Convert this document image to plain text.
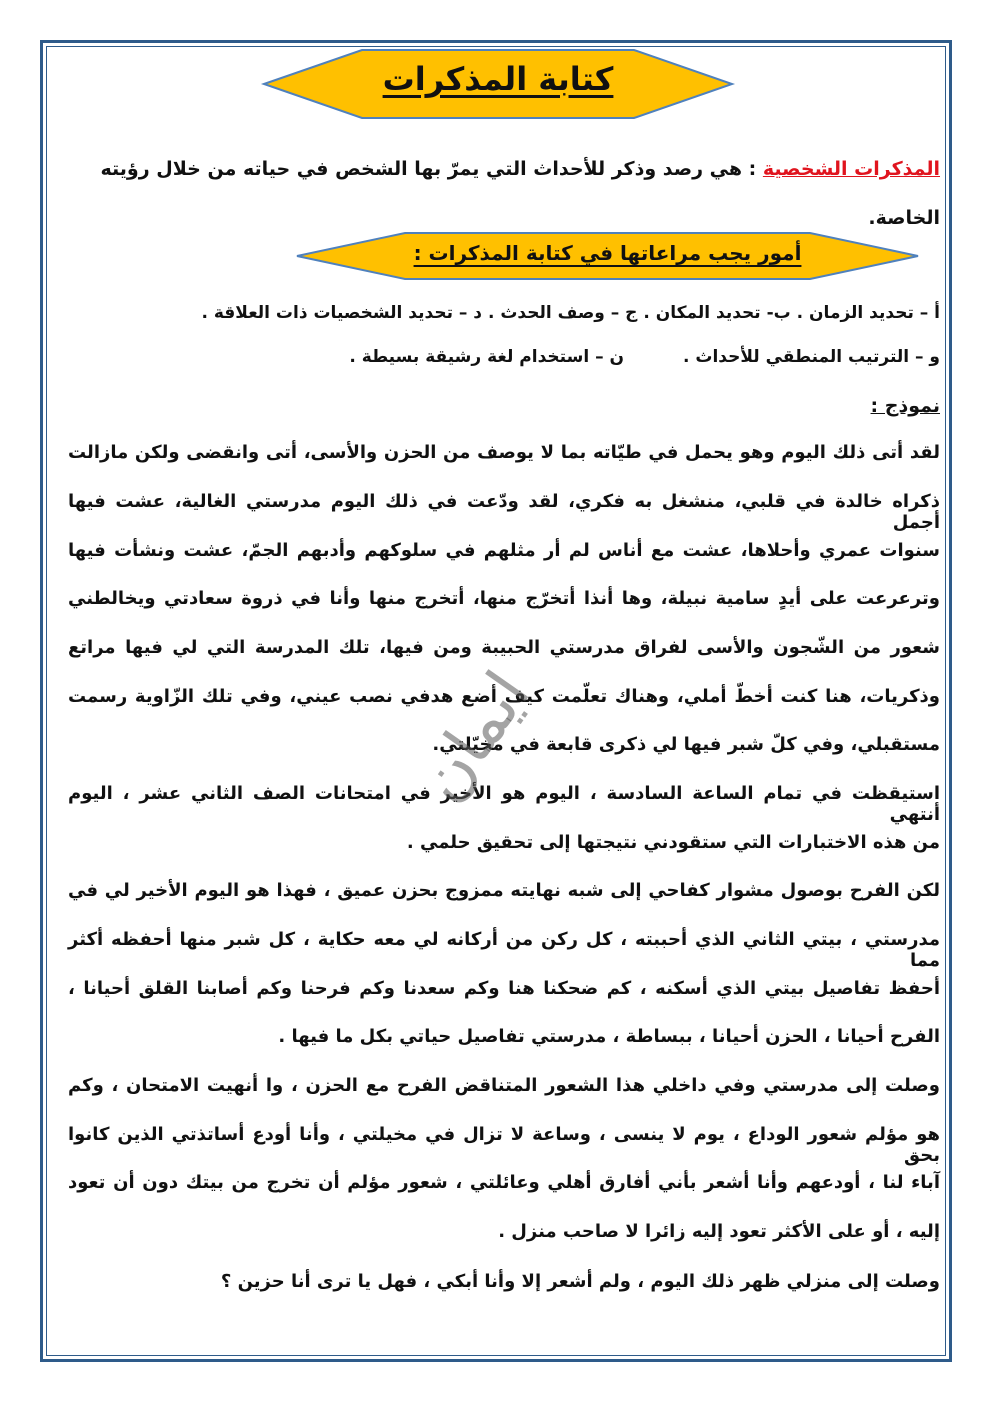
كتابة المذكرات
المذكرات الشخصية : هي رصد وذكر للأحداث التي يمرّ بها الشخص في حياته من خلال رؤيته
الخاصة.
أمور يجب مراعاتها في كتابة المذكرات :
أ – تحديد الزمان . ب- تحديد المكان . ج – وصف الحدث . د – تحديد الشخصيات ذات العلاقة .
و – الترتيب المنطقي للأحداث .
ن – استخدام لغة رشيقة بسيطة .
نموذج :
لقد أتى ذلك اليوم وهو يحمل في طيّاته بما لا يوصف من الحزن والأسى، أتى وانقضى ولكن مازالت
ذكراه خالدة في قلبي، منشغل به فكري، لقد ودّعت في ذلك اليوم مدرستي الغالية، عشت فيها أجمل
سنوات عمري وأحلاها، عشت مع أناس لم أر مثلهم في سلوكهم وأدبهم الجمّ، عشت ونشأت فيها
وترعرعت على أيدٍ سامية نبيلة، وها أنذا أتخرّج منها، أتخرج منها وأنا في ذروة سعادتي ويخالطني
شعور من الشّجون والأسى لفراق مدرستي الحبيبة ومن فيها، تلك المدرسة التي لي فيها مراتع
وذكريات، هنا كنت أخطّ أملي، وهناك تعلّمت كيف أضع هدفي نصب عيني، وفي تلك الزّاوية رسمت
مستقبلي، وفي كلّ شبر فيها لي ذكرى قابعة في مخيّلتي.
استيقظت في تمام الساعة السادسة ، اليوم هو الأخير في امتحانات الصف الثاني عشر ، اليوم أنتهي
من هذه الاختبارات التي ستقودني نتيجتها إلى تحقيق حلمي .
لكن الفرح بوصول مشوار كفاحي إلى شبه نهايته ممزوج بحزن عميق ، فهذا هو اليوم الأخير لي في
مدرستي ، بيتي الثاني الذي أحببته ، كل ركن من أركانه لي معه حكاية ، كل شبر منها أحفظه أكثر مما
أحفظ تفاصيل بيتي الذي أسكنه ، كم ضحكنا هنا وكم سعدنا وكم فرحنا وكم أصابنا القلق أحيانا ،
الفرح أحيانا ، الحزن أحيانا ، ببساطة ، مدرستي تفاصيل حياتي بكل ما فيها .
وصلت إلى مدرستي وفي داخلي هذا الشعور المتناقض الفرح مع الحزن ، وا أنهيت الامتحان ، وكم
هو مؤلم شعور الوداع ، يوم لا ينسى ، وساعة لا تزال في مخيلتي ، وأنا أودع أساتذتي الذين كانوا بحق
آباء لنا ، أودعهم وأنا أشعر بأني أفارق أهلي وعائلتي ، شعور مؤلم أن تخرج من بيتك دون أن تعود
إليه ، أو على الأكثر تعود إليه زائرا لا صاحب منزل .
وصلت إلى منزلي ظهر ذلك اليوم ، ولم أشعر إلا وأنا أبكي ، فهل يا ترى أنا حزين ؟
ايمان
